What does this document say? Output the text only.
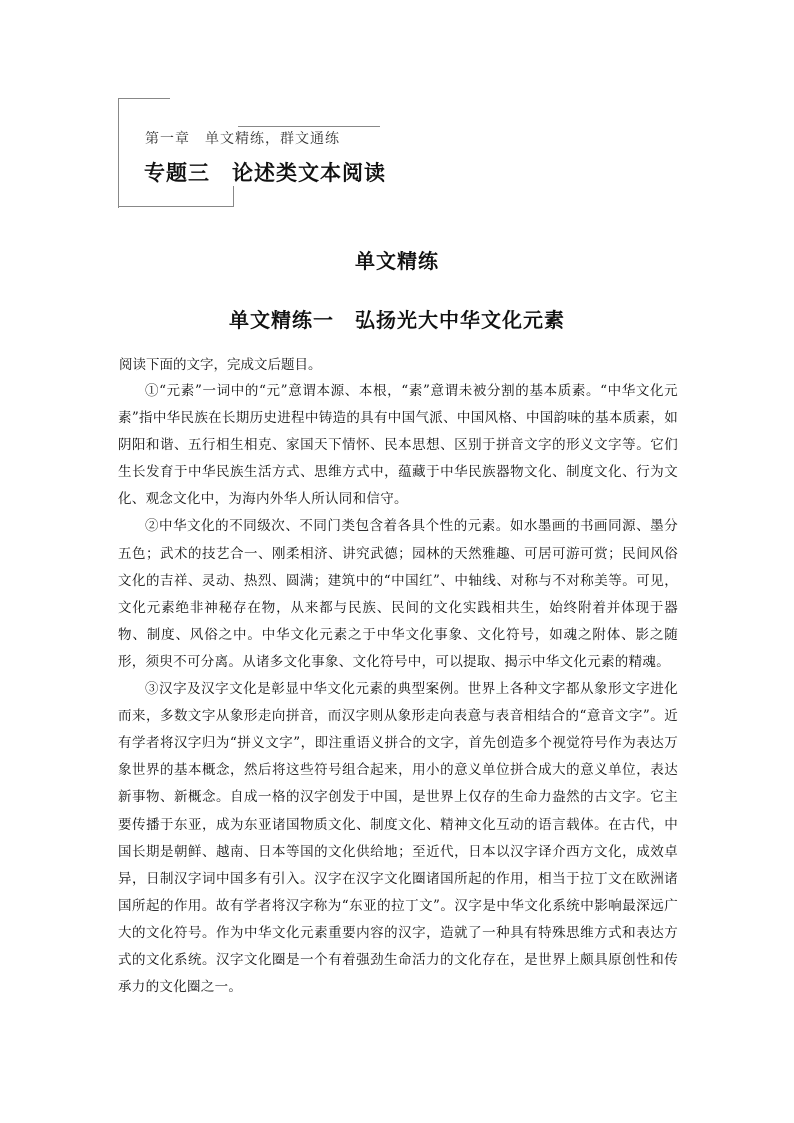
第一章　单文精练，群文通练
专题三　论述类文本阅读
单文精练
单文精练一　弘扬光大中华文化元素
阅读下面的文字，完成文后题目。

①“元素”一词中的“元”意谓本源、本根，“素”意谓未被分割的基本质素。“中华文化元素”指中华民族在长期历史进程中铸造的具有中国气派、中国风格、中国韵味的基本质素，如阴阳和谐、五行相生相克、家国天下情怀、民本思想、区别于拼音文字的形义文字等。它们生长发育于中华民族生活方式、思维方式中，蕴藏于中华民族器物文化、制度文化、行为文化、观念文化中，为海内外华人所认同和信守。

②中华文化的不同级次、不同门类包含着各具个性的元素。如水墨画的书画同源、墨分五色；武术的技艺合一、刚柔相济、讲究武德；园林的天然雅趣、可居可游可赏；民间风俗文化的吉祥、灵动、热烈、圆满；建筑中的“中国红”、中轴线、对称与不对称美等。可见，文化元素绝非神秘存在物，从来都与民族、民间的文化实践相共生，始终附着并体现于器物、制度、风俗之中。中华文化元素之于中华文化事象、文化符号，如魂之附体、影之随形，须臾不可分离。从诸多文化事象、文化符号中，可以提取、揭示中华文化元素的精魂。

③汉字及汉字文化是彰显中华文化元素的典型案例。世界上各种文字都从象形文字进化而来，多数文字从象形走向拼音，而汉字则从象形走向表意与表音相结合的“意音文字”。近有学者将汉字归为“拼义文字”，即注重语义拼合的文字，首先创造多个视觉符号作为表达万象世界的基本概念，然后将这些符号组合起来，用小的意义单位拼合成大的意义单位，表达新事物、新概念。自成一格的汉字创发于中国，是世界上仅存的生命力盎然的古文字。它主要传播于东亚，成为东亚诸国物质文化、制度文化、精神文化互动的语言载体。在古代，中国长期是朝鲜、越南、日本等国的文化供给地；至近代，日本以汉字译介西方文化，成效卓异，日制汉字词中国多有引入。汉字在汉字文化圈诸国所起的作用，相当于拉丁文在欧洲诸国所起的作用。故有学者将汉字称为“东亚的拉丁文”。汉字是中华文化系统中影响最深远广大的文化符号。作为中华文化元素重要内容的汉字，造就了一种具有特殊思维方式和表达方式的文化系统。汉字文化圈是一个有着强劲生命活力的文化存在，是世界上颇具原创性和传承力的文化圈之一。
